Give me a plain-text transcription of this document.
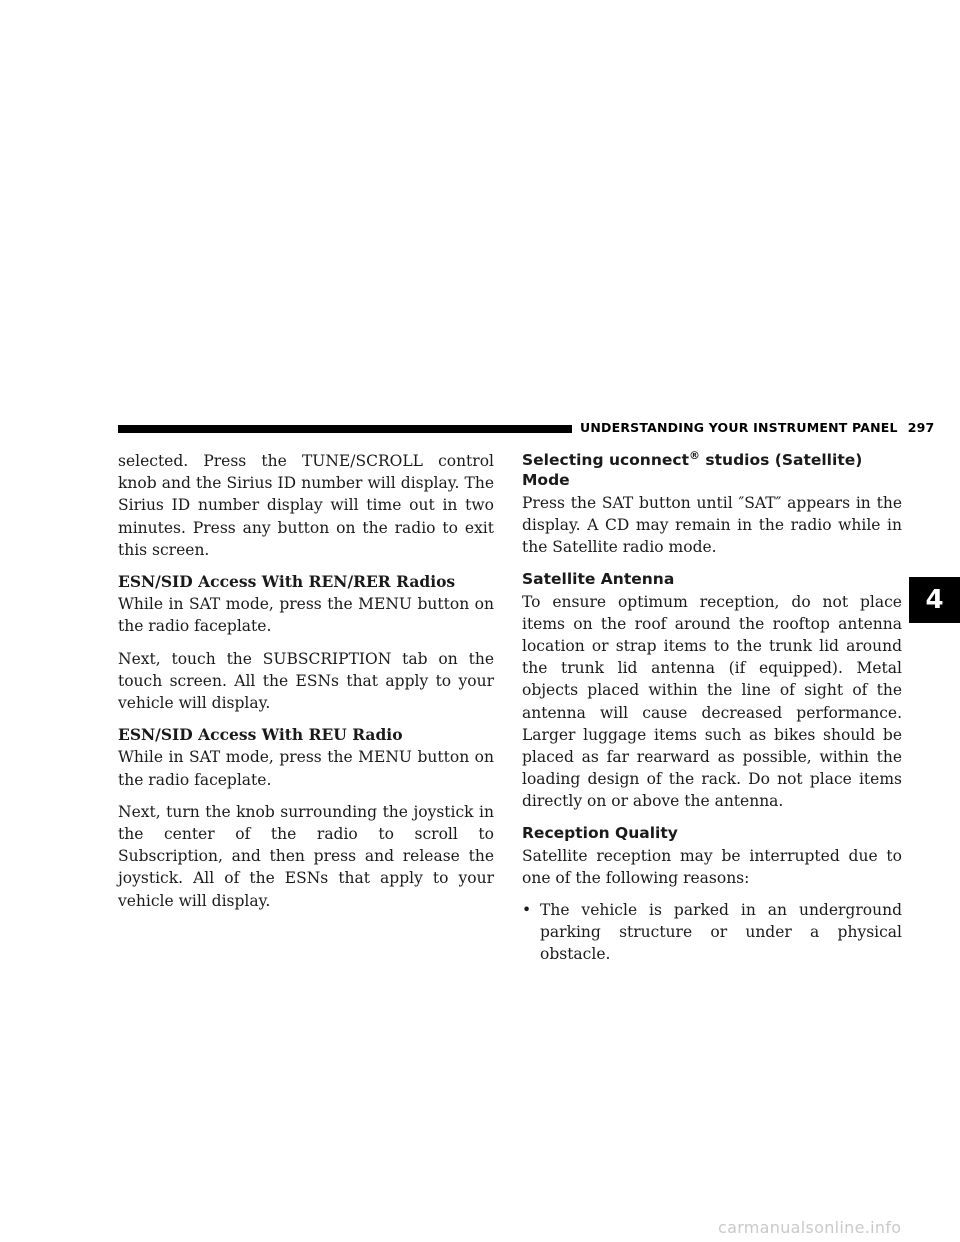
UNDERSTANDING YOUR INSTRUMENT PANEL 297
4

selected. Press the TUNE/SCROLL control knob and the Sirius ID number will display. The Sirius ID number display will time out in two minutes. Press any button on the radio to exit this screen.

ESN/SID Access With REN/RER Radios

While in SAT mode, press the MENU button on the radio faceplate.

Next, touch the SUBSCRIPTION tab on the touch screen. All the ESNs that apply to your vehicle will display.

ESN/SID Access With REU Radio

While in SAT mode, press the MENU button on the radio faceplate.

Next, turn the knob surrounding the joystick in the center of the radio to scroll to Subscription, and then press and release the joystick. All of the ESNs that apply to your vehicle will display.

Selecting uconnect® studios (Satellite) Mode

Press the SAT button until ″SAT″ appears in the display. A CD may remain in the radio while in the Satellite radio mode.

Satellite Antenna

To ensure optimum reception, do not place items on the roof around the rooftop antenna location or strap items to the trunk lid around the trunk lid antenna (if equipped). Metal objects placed within the line of sight of the antenna will cause decreased performance. Larger luggage items such as bikes should be placed as far rearward as possible, within the loading design of the rack. Do not place items directly on or above the antenna.

Reception Quality

Satellite reception may be interrupted due to one of the following reasons:

• The vehicle is parked in an underground parking structure or under a physical obstacle.
carmanualsonline.info
